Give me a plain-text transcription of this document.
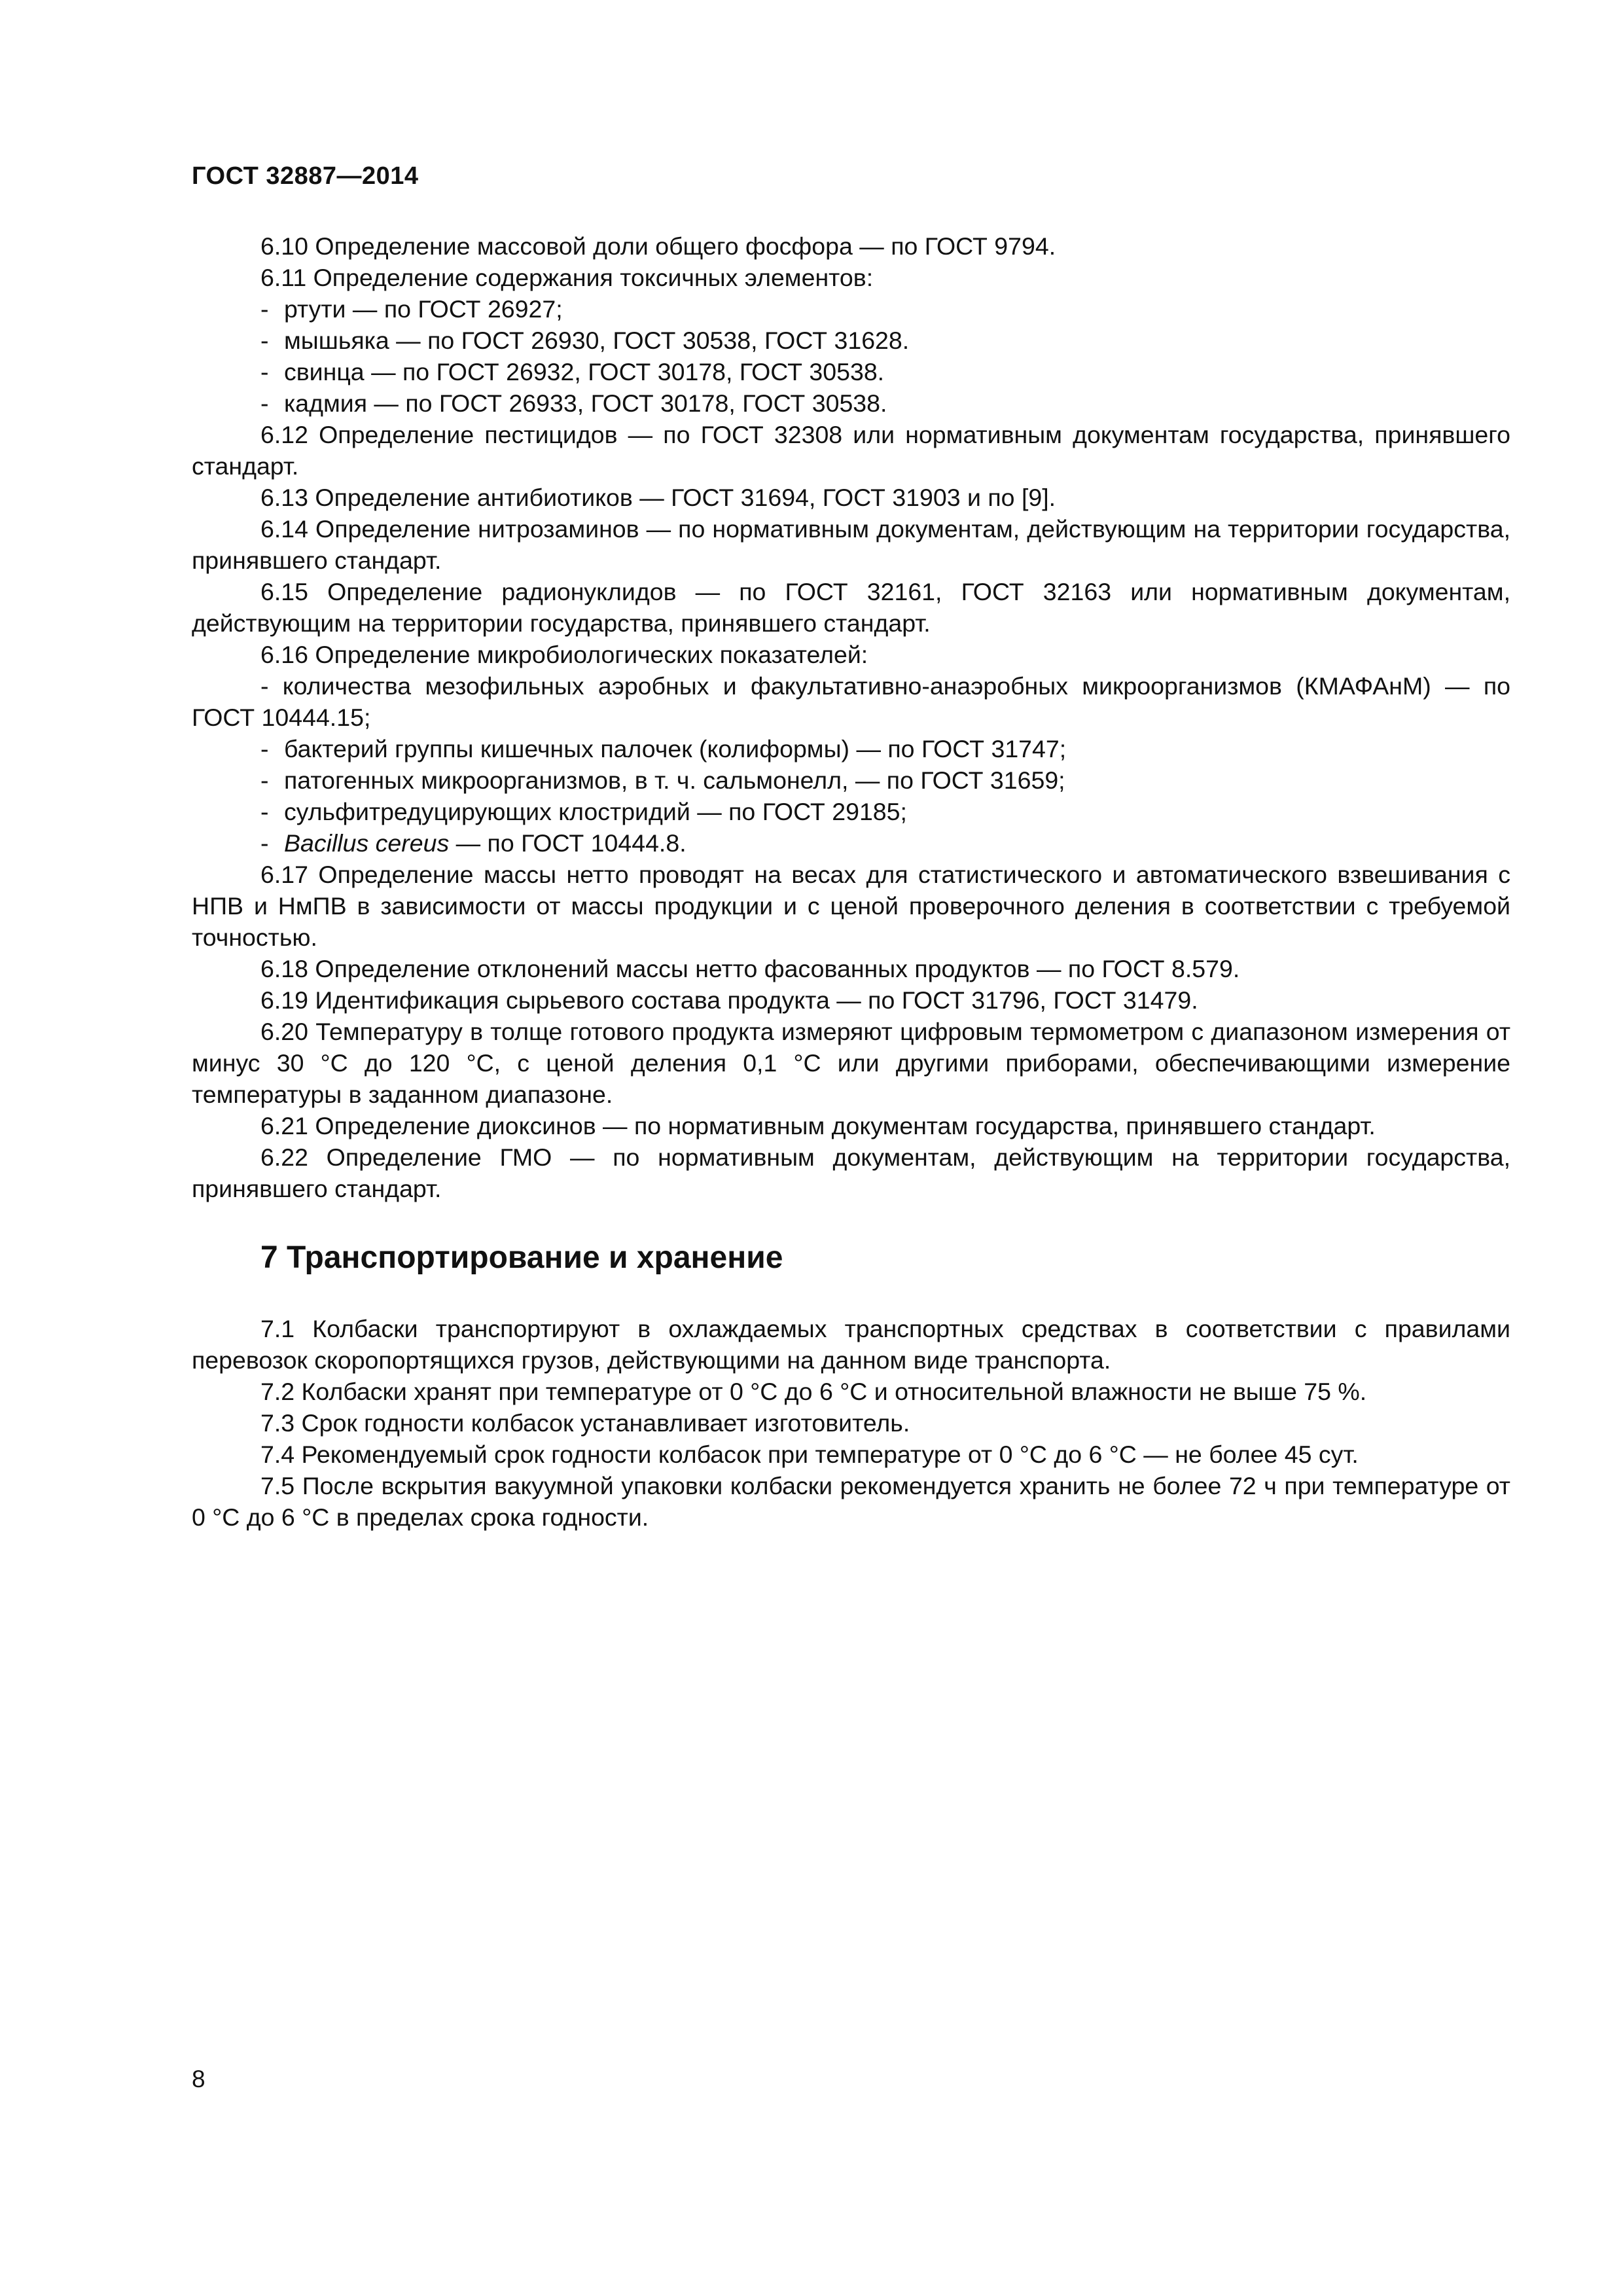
ГОСТ 32887—2014

6.10 Определение массовой доли общего фосфора — по ГОСТ 9794.

6.11 Определение содержания токсичных элементов:

- ртути — по ГОСТ 26927;

- мышьяка — по ГОСТ 26930, ГОСТ 30538, ГОСТ 31628.

- свинца — по ГОСТ 26932, ГОСТ 30178, ГОСТ 30538.

- кадмия — по ГОСТ 26933, ГОСТ 30178, ГОСТ 30538.

6.12 Определение пестицидов — по ГОСТ 32308 или нормативным документам государства, принявшего стандарт.

6.13 Определение антибиотиков — ГОСТ 31694, ГОСТ 31903 и по [9].

6.14 Определение нитрозаминов — по нормативным документам, действующим на территории государства, принявшего стандарт.

6.15 Определение радионуклидов — по ГОСТ 32161, ГОСТ 32163 или нормативным документам, действующим на территории государства, принявшего стандарт.

6.16 Определение микробиологических показателей:

- количества мезофильных аэробных и факультативно-анаэробных микроорганизмов (КМАФАнМ) — по ГОСТ 10444.15;

- бактерий группы кишечных палочек (колиформы) — по ГОСТ 31747;

- патогенных микроорганизмов, в т. ч. сальмонелл, — по ГОСТ 31659;

- сульфитредуцирующих клостридий — по ГОСТ 29185;

- Bacillus cereus — по ГОСТ 10444.8.

6.17 Определение массы нетто проводят на весах для статистического и автоматического взвешивания с НПВ и НмПВ в зависимости от массы продукции и с ценой проверочного деления в соответствии с требуемой точностью.

6.18 Определение отклонений массы нетто фасованных продуктов — по ГОСТ 8.579.

6.19 Идентификация сырьевого состава продукта — по ГОСТ 31796, ГОСТ 31479.

6.20 Температуру в толще готового продукта измеряют цифровым термометром с диапазоном измерения от минус 30 °С до 120 °С, с ценой деления 0,1 °С или другими приборами, обеспечивающими измерение температуры в заданном диапазоне.

6.21 Определение диоксинов — по нормативным документам государства, принявшего стандарт.

6.22 Определение ГМО — по нормативным документам, действующим на территории государства, принявшего стандарт.

7 Транспортирование и хранение

7.1 Колбаски транспортируют в охлаждаемых транспортных средствах в соответствии с правилами перевозок скоропортящихся грузов, действующими на данном виде транспорта.

7.2 Колбаски хранят при температуре от 0 °С до 6 °С и относительной влажности не выше 75 %.

7.3 Срок годности колбасок устанавливает изготовитель.

7.4 Рекомендуемый срок годности колбасок при температуре от 0 °С до 6 °С — не более 45 сут.

7.5 После вскрытия вакуумной упаковки колбаски рекомендуется хранить не более 72 ч при температуре от 0 °С до 6 °С в пределах срока годности.

8
